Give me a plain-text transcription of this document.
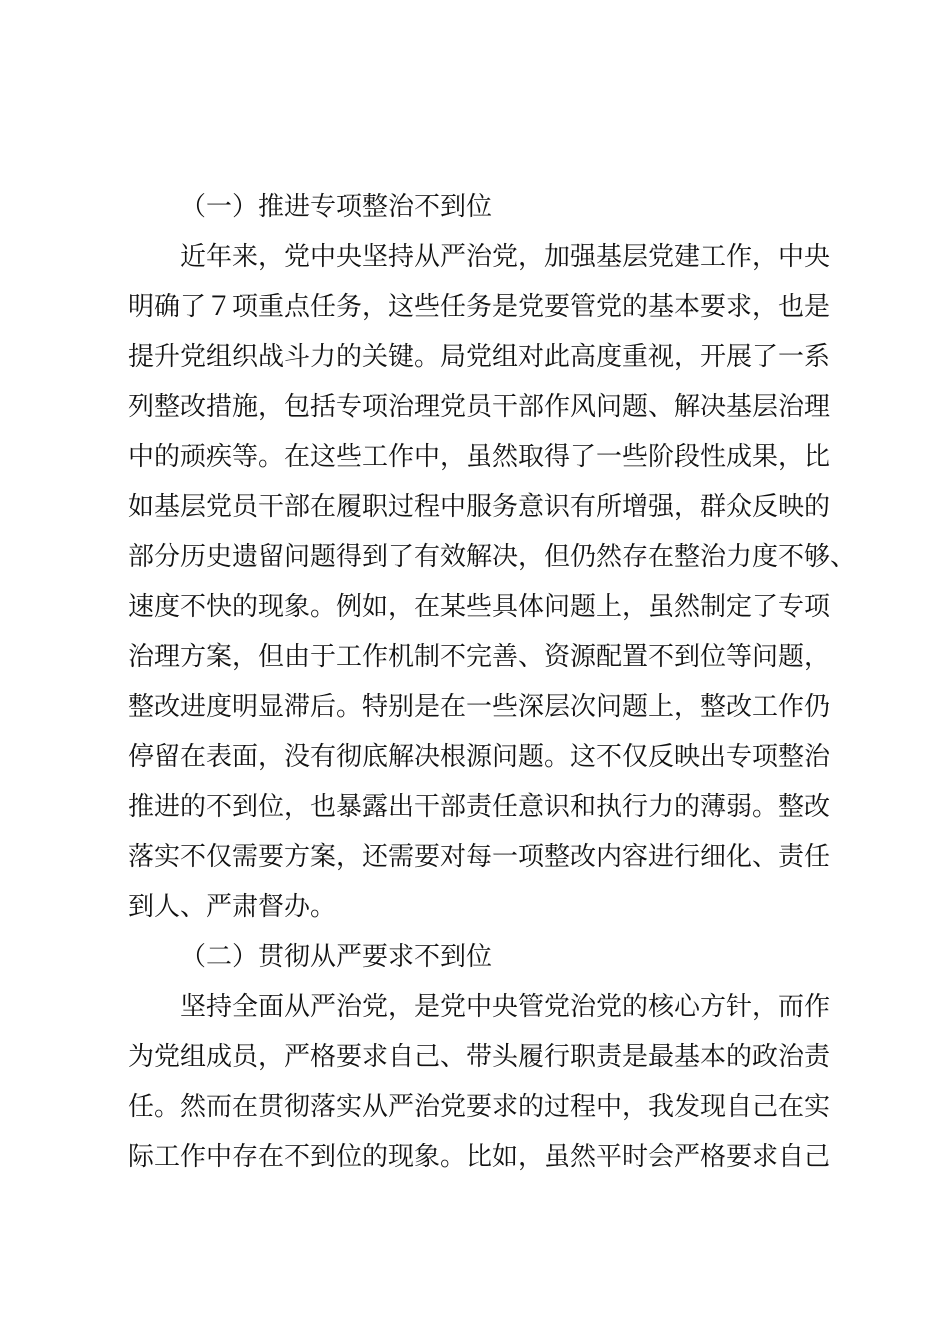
（一）推进专项整治不到位
近年来，党中央坚持从严治党，加强基层党建工作，中央
明确了７项重点任务，这些任务是党要管党的基本要求，也是
提升党组织战斗力的关键。局党组对此高度重视，开展了一系
列整改措施，包括专项治理党员干部作风问题、解决基层治理
中的顽疾等。在这些工作中，虽然取得了一些阶段性成果，比
如基层党员干部在履职过程中服务意识有所增强，群众反映的
部分历史遗留问题得到了有效解决，但仍然存在整治力度不够、
速度不快的现象。例如，在某些具体问题上，虽然制定了专项
治理方案，但由于工作机制不完善、资源配置不到位等问题，
整改进度明显滞后。特别是在一些深层次问题上，整改工作仍
停留在表面，没有彻底解决根源问题。这不仅反映出专项整治
推进的不到位，也暴露出干部责任意识和执行力的薄弱。整改
落实不仅需要方案，还需要对每一项整改内容进行细化、责任
到人、严肃督办。
（二）贯彻从严要求不到位
坚持全面从严治党，是党中央管党治党的核心方针，而作
为党组成员，严格要求自己、带头履行职责是最基本的政治责
任。然而在贯彻落实从严治党要求的过程中，我发现自己在实
际工作中存在不到位的现象。比如，虽然平时会严格要求自己
